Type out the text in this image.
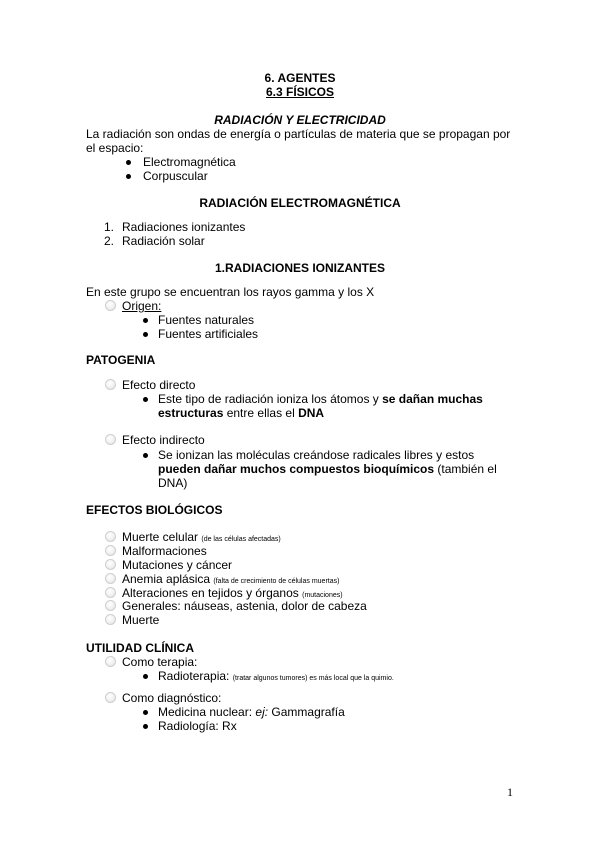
6. AGENTES
6.3 FÍSICOS
RADIACIÓN Y ELECTRICIDAD
La radiación son ondas de energía o partículas de materia que se propagan por
el espacio:
Electromagnética
Corpuscular
RADIACIÓN ELECTROMAGNÉTICA
1. Radiaciones ionizantes
2. Radiación solar
1.RADIACIONES IONIZANTES
En este grupo se encuentran los rayos gamma y los X
Origen:
Fuentes naturales
Fuentes artificiales
PATOGENIA
Efecto directo
Este tipo de radiación ioniza los átomos y se dañan muchas
estructuras entre ellas el DNA
Efecto indirecto
Se ionizan las moléculas creándose radicales libres y estos
pueden dañar muchos compuestos bioquímicos (también el
DNA)
EFECTOS BIOLÓGICOS
Muerte celular (de las células afectadas)
Malformaciones
Mutaciones y cáncer
Anemia aplásica (falta de crecimiento de células muertas)
Alteraciones en tejidos y órganos (mutaciones)
Generales: náuseas, astenia, dolor de cabeza
Muerte
UTILIDAD CLÍNICA
Como terapia:
Radioterapia: (tratar algunos tumores) es más local que la quimio.
Como diagnóstico:
Medicina nuclear: ej: Gammagrafía
Radiología: Rx
1
